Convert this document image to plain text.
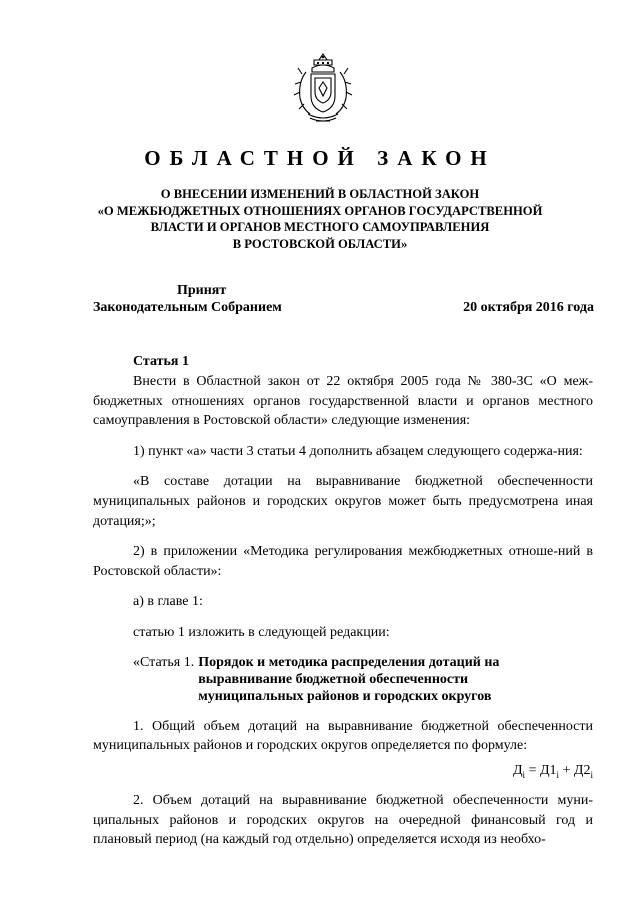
ОБЛАСТНОЙ ЗАКОН
О ВНЕСЕНИИ ИЗМЕНЕНИЙ В ОБЛАСТНОЙ ЗАКОН
«О МЕЖБЮДЖЕТНЫХ ОТНОШЕНИЯХ ОРГАНОВ ГОСУДАРСТВЕННОЙ
ВЛАСТИ И ОРГАНОВ МЕСТНОГО САМОУПРАВЛЕНИЯ
В РОСТОВСКОЙ ОБЛАСТИ»
Принят
Законодательным Собранием	20 октября 2016 года
Статья 1

Внести в Областной закон от 22 октября 2005 года № 380-ЗС «О меж-бюджетных отношениях органов государственной власти и органов местного самоуправления в Ростовской области» следующие изменения:

1) пункт «а» части 3 статьи 4 дополнить абзацем следующего содержа-ния:

«В составе дотации на выравнивание бюджетной обеспеченности муниципальных районов и городских округов может быть предусмотрена иная дотация;»;

2) в приложении «Методика регулирования межбюджетных отноше-ний в Ростовской области»:

а) в главе 1:

статью 1 изложить в следующей редакции:

«Статья 1. Порядок и методика распределения дотаций на
выравнивание бюджетной обеспеченности
муниципальных районов и городских округов

1. Общий объем дотаций на выравнивание бюджетной обеспеченности муниципальных районов и городских округов определяется по формуле:

$Д_i = Д1_i + Д2_i$

2. Объем дотаций на выравнивание бюджетной обеспеченности муни-ципальных районов и городских округов на очередной финансовый год и плановый период (на каждый год отдельно) определяется исходя из необхо-
